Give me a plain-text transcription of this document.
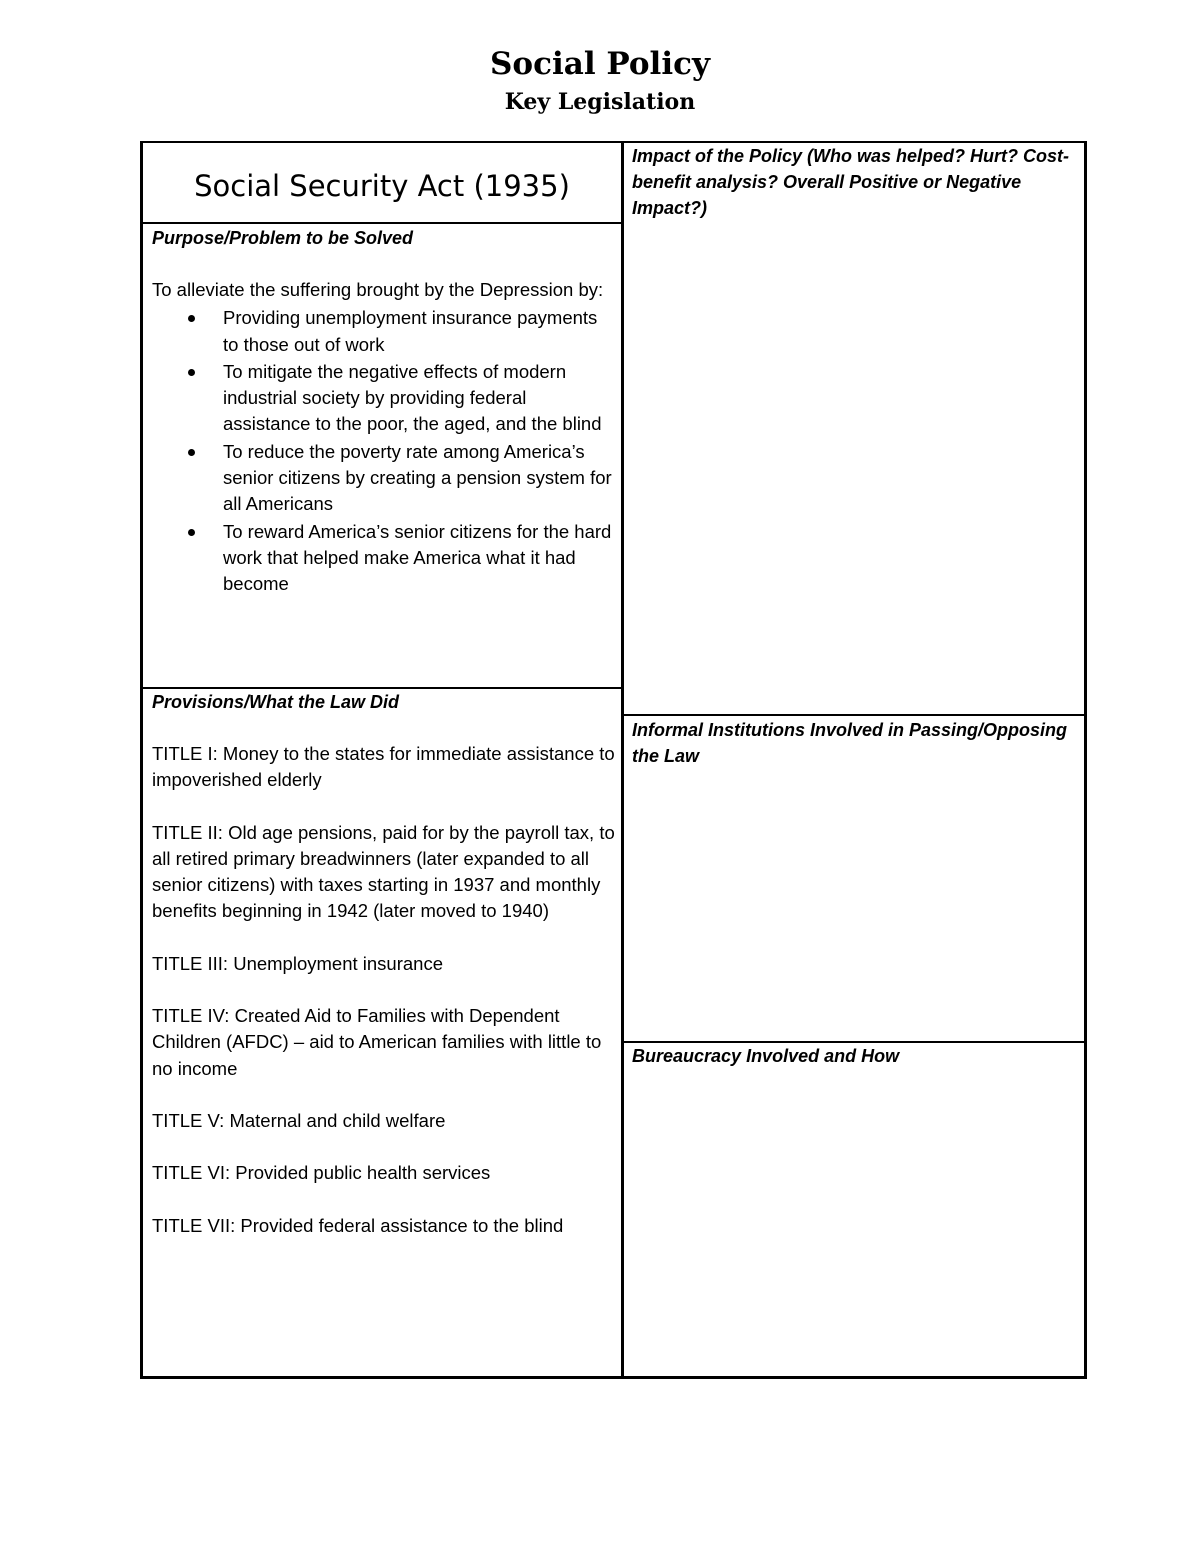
Social Policy
Key Legislation
Social Security Act (1935)
Purpose/Problem to be Solved
To alleviate the suffering brought by the Depression by:
Providing unemployment insurance payments to those out of work
To mitigate the negative effects of modern industrial society by providing federal assistance to the poor, the aged, and the blind
To reduce the poverty rate among America’s senior citizens by creating a pension system for all Americans
To reward America’s senior citizens for the hard work that helped make America what it had become
Provisions/What the Law Did
TITLE I: Money to the states for immediate assistance to impoverished elderly
TITLE II: Old age pensions, paid for by the payroll tax, to all retired primary breadwinners (later expanded to all senior citizens) with taxes starting in 1937 and monthly benefits beginning in 1942 (later moved to 1940)
TITLE III: Unemployment insurance
TITLE IV: Created Aid to Families with Dependent Children (AFDC) – aid to American families with little to no income
TITLE V: Maternal and child welfare
TITLE VI: Provided public health services
TITLE VII: Provided federal assistance to the blind
Impact of the Policy (Who was helped? Hurt? Cost-benefit analysis? Overall Positive or Negative Impact?)
Informal Institutions Involved in Passing/Opposing the Law
Bureaucracy Involved and How
